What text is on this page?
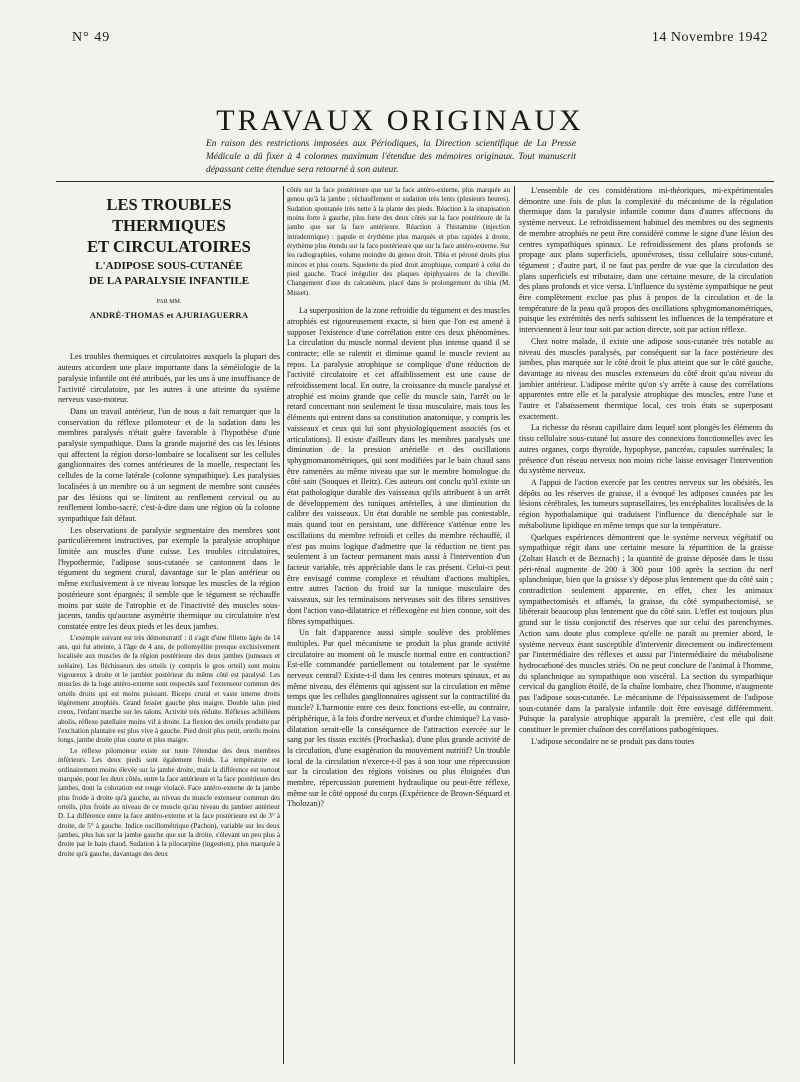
N° 49	14 Novembre 1942
TRAVAUX ORIGINAUX
En raison des restrictions imposées aux Périodiques, la Direction scientifique de La Presse Médicale a dû fixer à 4 colonnes maximum l'étendue des mémoires originaux. Tout manuscrit dépassant cette étendue sera retourné à son auteur.
LES TROUBLES THERMIQUES
ET CIRCULATOIRES
L'ADIPOSE SOUS-CUTANÉE
DE LA PARALYSIE INFANTILE
PAR MM.
ANDRÉ-THOMAS et AJURIAGUERRA

Les troubles thermiques et circulatoires auxquels la plupart des auteurs accordent une place importante dans la séméiologie de la paralysie infantile ont été attribués, par les uns à une insuffisance de l'activité circulatoire, par les autres à une atteinte du système nerveux vaso-moteur.

Dans un travail antérieur, l'un de nous a fait remarquer que la conservation du réflexe pilomoteur et de la sudation dans les membres paralysés n'était guère favorable à l'hypothèse d'une paralysie sympathique. Dans la grande majorité des cas les lésions qui affectent la région dorso-lombaire se localisent sur les cellules ganglionnaires des cornes antérieures de la moelle, respectant les cellules de la corne latérale (colonne sympathique). Les paralysies localisées à un membre ou à un segment de membre sont causées par des lésions qui se limitent au renflement cervical ou au renflement lombo-sacré, c'est-à-dire dans une région où la colonne sympathique fait défaut.

Les observations de paralysie segmentaire des membres sont particulièrement instructives, par exemple la paralysie atrophique limitée aux muscles d'une cuisse. Les troubles circulatoires, l'hypothermie, l'adipose sous-cutanée se cantonnent dans le tégument du segment crural, davantage sur le plan antérieur ou même exclusivement à ce niveau lorsque les muscles de la région postérieure sont épargnés; il semble que le tégument se réchauffe moins par suite de l'atrophie et de l'inactivité des muscles sous-jacents, tandis qu'aucune asymétrie thermique ou circulatoire n'est constatée entre les deux pieds et les deux jambes.

L'exemple suivant est très démonstratif : il s'agit d'une fillette âgée de 14 ans, qui fut atteinte, à l'âge de 4 ans, de poliomyélite presque exclusivement localisée aux muscles de la région postérieure des deux jambes (jumeaux et soléaire). Les fléchisseurs des orteils (y compris le gros orteil) sont moins vigoureux à droite et le jambier postérieur du même côté est paralysé. Les muscles de la loge antéro-externe sont respectés sauf l'extenseur commun des orteils droits qui est moins puissant. Biceps crural et vaste interne droits légèrement atrophiés. Grand fessier gauche plus maigre. Double talus pied creux, l'enfant marche sur les talons. Activité très réduite. Réflexes achilléens abolis, réflexe patellaire moins vif à droite. La flexion des orteils produite par l'excitation plantaire est plus vive à gauche. Pied droit plus petit, orteils moins longs, jambe droite plus courte et plus maigre.

Le réflexe pilomoteur existe sur toute l'étendue des deux membres inférieurs. Les deux pieds sont également froids. La température est ordinairement moins élevée sur la jambe droite, mais la différence est surtout marquée, pour les deux côtés, entre la face antérieure et la face postérieure des jambes, dont la coloration est rouge violacé. Face antéro-externe de la jambe plus froide à droite qu'à gauche, au niveau du muscle extenseur commun des orteils, plus froide au niveau de ce muscle qu'au niveau du jambier antérieur D. La différence entre la face antéro-externe et la face postérieure est de 3° à droite, de 5° à gauche. Indice oscillométrique (Pachon), variable sur les deux jambes, plus bas sur la jambe gauche que sur la droite, s'élevant un peu plus à droite par le bain chaud. Sudation à la pilocarpine (ingestion), plus marquée à droite qu'à gauche, davantage des deux

côtés sur la face postérieure que sur la face antéro-externe, plus marquée au genou qu'à la jambe ; réchauffement et sudation très lents (plusieurs heures). Sudation spontanée très nette à la plante des pieds. Réaction à la sinapisation moins forte à gauche, plus forte des deux côtés sur la face postérieure de la jambe que sur la face antérieure. Réaction à l'histamine (injection intradermique) : papule et érythème plus marqués et plus rapides à droite, érythème plus étendu sur la face postérieure que sur la face antéro-externe. Sur les radiographies, volume moindre du genou droit. Tibia et péroné droits plus minces et plus courts. Squelette du pied droit atrophique, comparé à celui du pied gauche. Tracé irrégulier des plaques épiphysaires de la cheville. Changement d'axe du calcanéum, placé dans le prolongement du tibia (M. Misset).

La superposition de la zone refroidie du tégument et des muscles atrophiés est rigoureusement exacte, si bien que l'on est amené à supposer l'existence d'une corrélation entre ces deux phénomènes. La circulation du muscle normal devient plus intense quand il se contracte; elle se ralentit et diminue quand le muscle revient au repos. La paralysie atrophique se complique d'une réduction de l'activité circulatoire et cet affaiblissement est une cause de refroidissement local. En outre, la croissance du muscle paralysé et atrophié est moins grande que celle du muscle sain, l'arrêt ou le retard concernant non seulement le tissu musculaire, mais tous les éléments qui entrent dans sa constitution anatomique, y compris les vaisseaux et ceux qui lui sont physiologiquement associés (os et articulations). Il existe d'ailleurs dans les membres paralysés une diminution de la pression artérielle et des oscillations sphygmomanométriques, qui sont modifiées par le bain chaud sans être ramenées au même niveau que sur le membre homologue du côté sain (Souques et Ileitz). Ces auteurs ont conclu qu'il existe un état pathologique durable des vaisseaux qu'ils attribuent à un arrêt de développement des tuniques artérielles, à une diminution du calibre des vaisseaux. Un état durable ne semble pas contestable, mais quand tout en persistant, une différence s'atténue entre les oscillations du membre refroidi et celles du membre réchauffé, il n'est pas moins logique d'admettre que la réduction ne tient pas seulement à un facteur permanent mais aussi à l'intervention d'un facteur variable, très appréciable dans le cas présent. Celui-ci peut être envisagé comme complexe et résultant d'actions multiples, entre autres l'action du froid sur la tunique musculaire des vaisseaux, sur les terminaisons nerveuses soit des fibres sensitives dont l'action vaso-dilatatrice et réflexogène est bien connue, soit des fibres sympathiques.

Un fait d'apparence aussi simple soulève des problèmes multiples. Par quel mécanisme se produit la plus grande activité circulatoire au moment où le muscle normal entre en contraction? Est-elle commandée partiellement ou totalement par le système nerveux central? Existe-t-il dans les centres moteurs spinaux, et au même niveau, des éléments qui agissent sur la circulation en même temps que les cellules ganglionnaires agissent sur la contractilité du muscle? L'harmonie entre ces deux fonctions est-elle, au contraire, périphérique, à la fois d'ordre nerveux et d'ordre chimique? La vaso-dilatation serait-elle la conséquence de l'attraction exercée sur le sang par les tissus excités (Prochaska), d'une plus grande activité de la circulation, d'une exagération du mouvement nutritif? Un trouble local de la circulation n'exerce-t-il pas à son tour une répercussion sur la circulation des régions voisines ou plus éloignées d'un membre, répercussion purement hydraulique ou peut-être réflexe, même sur le côté opposé du corps (Expérience de Brown-Séquard et Tholozan)?

L'ensemble de ces considérations mi-théoriques, mi-expérimentales démontre une fois de plus la complexité du mécanisme de la régulation thermique dans la paralysie infantile comme dans d'autres affections du système nerveux. Le refroidissement habituel des membres ou des segments de membre atrophiés ne peut être considéré comme le signe d'une lésion des centres sympathiques spinaux. Le refroidissement des plans profonds se propage aux plans superficiels, aponévroses, tissu cellulaire sous-cutané, tégument ; d'autre part, il ne faut pas perdre de vue que la circulation des plans superficiels est tributaire, dans une certaine mesure, de la circulation des plans profonds et vice versa. L'influence du système sympathique ne peut être complètement exclue pas plus à propos de la circulation et de la température de la peau qu'à propos des oscillations sphygmomanométriques, puisque les extrémités des nerfs subissent les influences de la température et interviennent à leur tour soit par action directe, soit par action réflexe.

Chez notre malade, il existe une adipose sous-cutanée très notable au niveau des muscles paralysés, par conséquent sur la face postérieure des jambes, plus marquée sur le côté droit le plus atteint que sur le côté gauche, davantage au niveau des muscles extenseurs du côté droit qu'au niveau du jambier antérieur. L'adipose mérite qu'on s'y arrête à cause des corrélations apparentes entre elle et la paralysie atrophique des muscles, entre l'une et l'autre et l'abaissement thermique local, ces trois états se superposant exactement.

La richesse du réseau capillaire dans lequel sont plongés les éléments du tissu cellulaire sous-cutané lui assure des connexions fonctionnelles avec les autres organes, corps thyroïde, hypophyse, pancréas, capsules surrénales; la présence d'un réseau nerveux non moins riche laisse envisager l'intervention du système nerveux.

A l'appui de l'action exercée par les centres nerveux sur les obésités, les dépôts ou les réserves de graisse, il a évoqué les adiposes causées par les lésions cérébrales, les tumeurs suprasellaires, les encéphalites localisées de la région hypothalamique qui traduisent l'influence du diencéphale sur le métabolisme lipidique en même temps que sur la température.

Quelques expériences démontrent que le système nerveux végétatif ou sympathique régit dans une certaine mesure la répartition de la graisse (Zoltan Hasch et de Beznach) ; la quantité de graisse déposée dans le tissu péri-rénal augmente de 200 à 300 pour 100 après la section du nerf splanchnique, bien que la graisse s'y dépose plus lentement que du côté sain ; contradiction seulement apparente, en effet, chez les animaux sympathectomisés et affamés, la graisse, du côté sympathectomisé, se libérerait beaucoup plus lentement que du côté sain. L'effet est toujours plus grand sur le tissu conjonctif des réserves que sur celui des parenchymes. Action sans doute plus complexe qu'elle ne paraît au premier abord, le système nerveux étant susceptible d'intervenir directement ou indirectement par l'intermédiaire des réflexes et aussi par l'intermédiaire du métabolisme hydrocarboné des muscles striés. On ne peut conclure de l'animal à l'homme, du splanchnique au sympathique non viscéral. La section du sympathique cervical du ganglion étoilé, de la chaîne lombaire, chez l'homme, n'augmente pas l'adipose sous-cutanée. Le mécanisme de l'épaississement de l'adipose sous-cutanée dans la paralysie infantile doit être envisagé différemment. Puisque la paralysie atrophique apparaît la première, c'est elle qui doit constituer le premier chaînon des corrélations pathogéniques.

L'adipose secondaire ne se produit pas dans toutes
